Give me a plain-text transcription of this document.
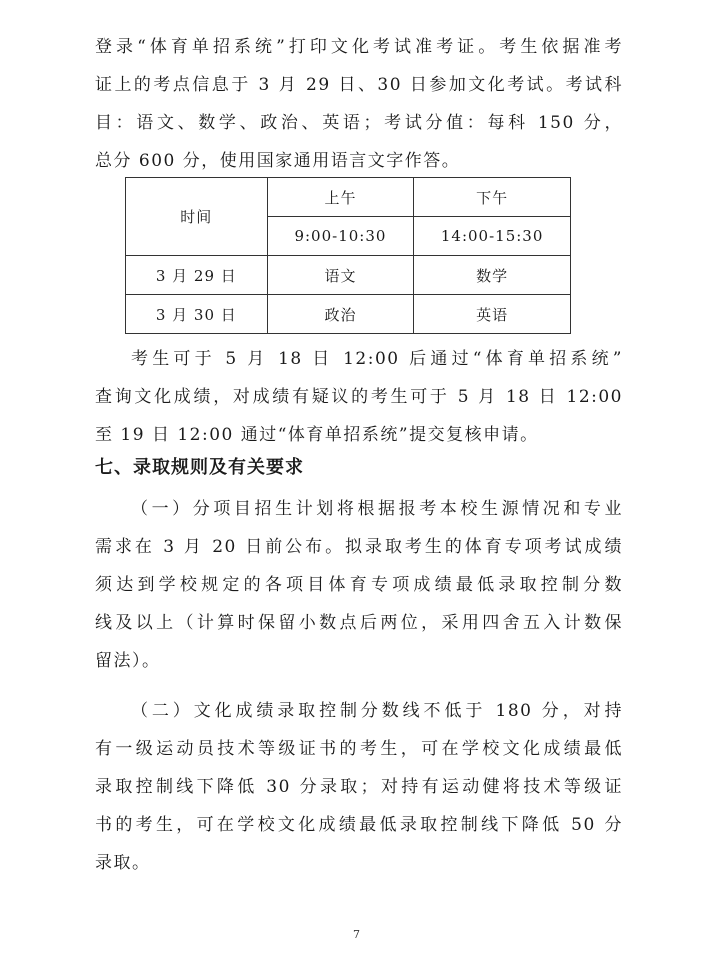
登录“体育单招系统”打印文化考试准考证。考生依据准考

证上的考点信息于 3 月 29 日、30 日参加文化考试。考试科

目：语文、数学、政治、英语；考试分值：每科 150 分，

总分 600 分，使用国家通用语言文字作答。

时间	上午	下午
	9:00-10:30	14:00-15:30
3 月 29 日	语文	数学
3 月 30 日	政治	英语

考生可于 5 月 18 日 12:00 后通过“体育单招系统”

查询文化成绩，对成绩有疑议的考生可于 5 月 18 日 12:00

至 19 日 12:00 通过“体育单招系统”提交复核申请。

七、录取规则及有关要求

（一）分项目招生计划将根据报考本校生源情况和专业

需求在 3 月 20 日前公布。拟录取考生的体育专项考试成绩

须达到学校规定的各项目体育专项成绩最低录取控制分数

线及以上（计算时保留小数点后两位，采用四舍五入计数保

留法）。

（二）文化成绩录取控制分数线不低于 180 分，对持

有一级运动员技术等级证书的考生，可在学校文化成绩最低

录取控制线下降低 30 分录取；对持有运动健将技术等级证

书的考生，可在学校文化成绩最低录取控制线下降低 50 分

录取。

7
